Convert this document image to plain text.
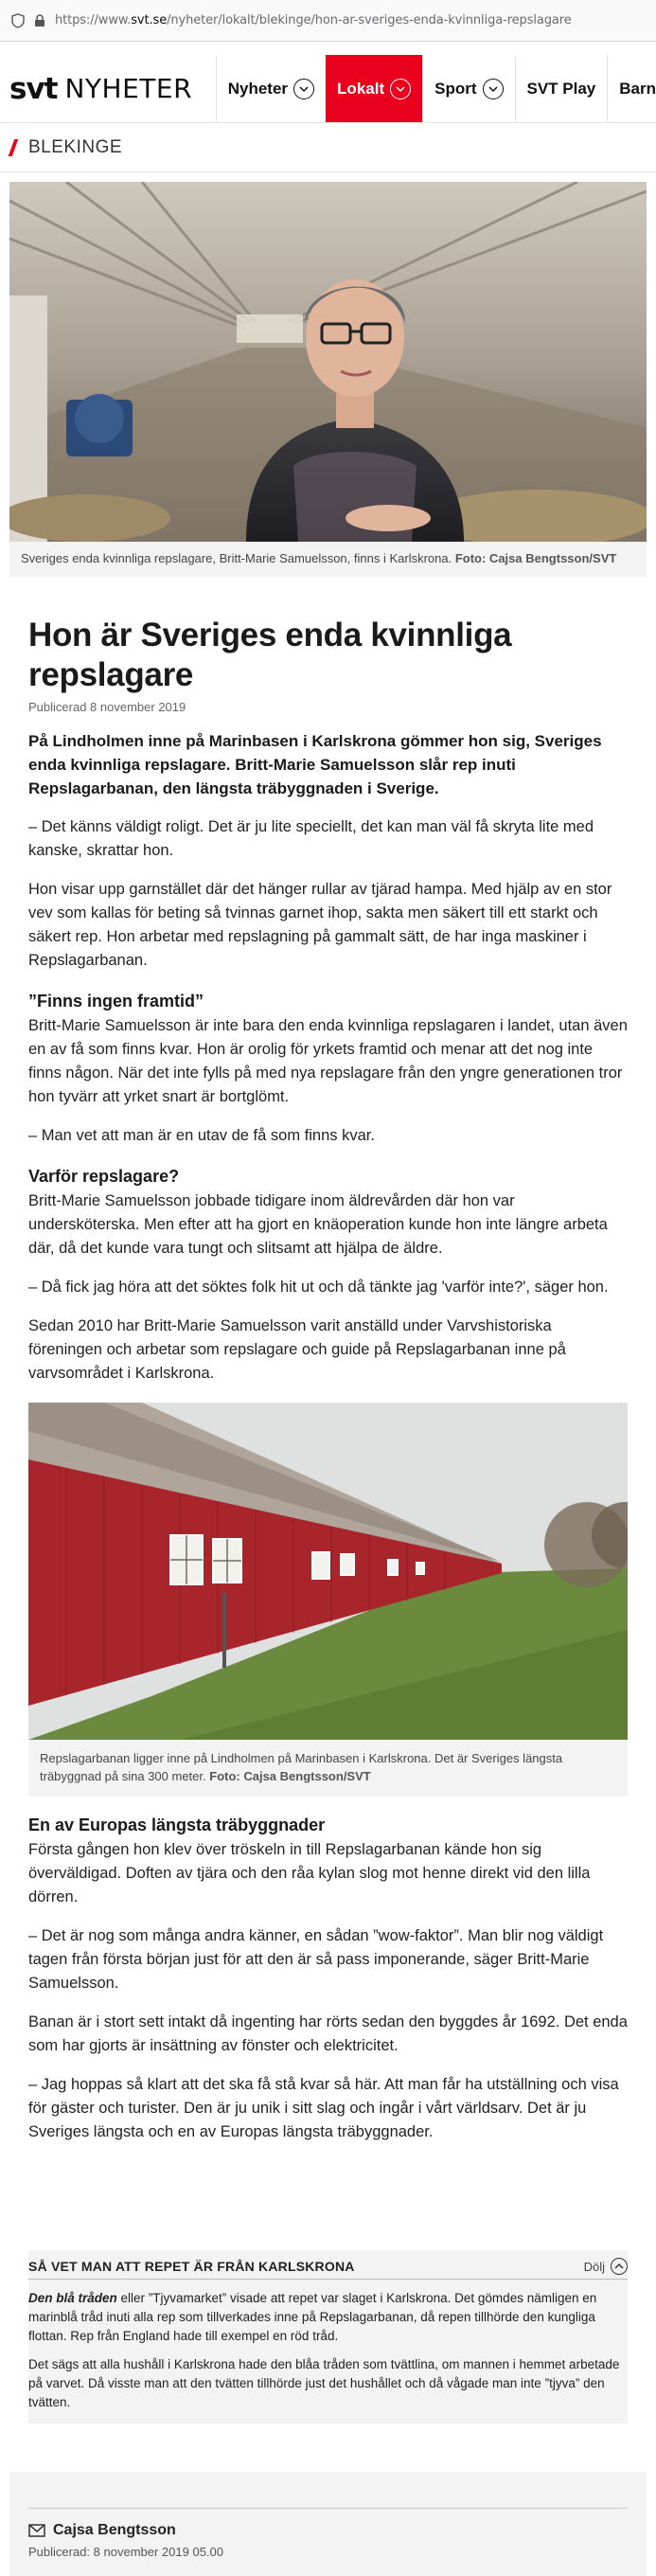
https://www.svt.se/nyheter/lokalt/blekinge/hon-ar-sveriges-enda-kvinnliga-repslagare
svt NYHETER Nyheter	Lokalt	Sport	SVT Play Barn
BLEKINGE
Sveriges enda kvinnliga repslagare, Britt-Marie Samuelsson, finns i Karlskrona. Foto: Cajsa Bengtsson/SVT
Hon är Sveriges enda kvinnliga repslagare
Publicerad 8 november 2019

På Lindholmen inne på Marinbasen i Karlskrona gömmer hon sig, Sveriges enda kvinnliga repslagare. Britt-Marie Samuelsson slår rep inuti Repslagarbanan, den längsta träbyggnaden i Sverige.

– Det känns väldigt roligt. Det är ju lite speciellt, det kan man väl få skryta lite med kanske, skrattar hon.

Hon visar upp garnstället där det hänger rullar av tjärad hampa. Med hjälp av en stor vev som kallas för beting så tvinnas garnet ihop, sakta men säkert till ett starkt och säkert rep. Hon arbetar med repslagning på gammalt sätt, de har inga maskiner i Repslagarbanan.

”Finns ingen framtid”

Britt-Marie Samuelsson är inte bara den enda kvinnliga repslagaren i landet, utan även en av få som finns kvar. Hon är orolig för yrkets framtid och menar att det nog inte finns någon. När det inte fylls på med nya repslagare från den yngre generationen tror hon tyvärr att yrket snart är bortglömt.

– Man vet att man är en utav de få som finns kvar.

Varför repslagare?

Britt-Marie Samuelsson jobbade tidigare inom äldrevården där hon var undersköterska. Men efter att ha gjort en knäoperation kunde hon inte längre arbeta där, då det kunde vara tungt och slitsamt att hjälpa de äldre.

– Då fick jag höra att det söktes folk hit ut och då tänkte jag 'varför inte?', säger hon.

Sedan 2010 har Britt-Marie Samuelsson varit anställd under Varvshistoriska föreningen och arbetar som repslagare och guide på Repslagarbanan inne på varvsområdet i Karlskrona.

Repslagarbanan ligger inne på Lindholmen på Marinbasen i Karlskrona. Det är Sveriges längsta träbyggnad på sina 300 meter. Foto: Cajsa Bengtsson/SVT
En av Europas längsta träbyggnader

Första gången hon klev över tröskeln in till Repslagarbanan kände hon sig överväldigad. Doften av tjära och den råa kylan slog mot henne direkt vid den lilla dörren.

– Det är nog som många andra känner, en sådan ”wow-faktor”. Man blir nog väldigt tagen från första början just för att den är så pass imponerande, säger Britt-Marie Samuelsson.

Banan är i stort sett intakt då ingenting har rörts sedan den byggdes år 1692. Det enda som har gjorts är insättning av fönster och elektricitet.

– Jag hoppas så klart att det ska få stå kvar så här. Att man får ha utställning och visa för gäster och turister. Den är ju unik i sitt slag och ingår i vårt världsarv. Det är ju Sveriges längsta och en av Europas längsta träbyggnader.

SÅ VET MAN ATT REPET ÄR FRÅN KARLSKRONA	Dölj

Den blå tråden eller ”Tjyvamarket” visade att repet var slaget i Karlskrona. Det gömdes nämligen en marinblå tråd inuti alla rep som tillverkades inne på Repslagarbanan, då repen tillhörde den kungliga flottan. Rep från England hade till exempel en röd tråd.

Det sägs att alla hushåll i Karlskrona hade den blåa tråden som tvättlina, om mannen i hemmet arbetade på varvet. Då visste man att den tvätten tillhörde just det hushållet och då vågade man inte ”tjyva” den tvätten.

Cajsa Bengtsson
Publicerad: 8 november 2019 05.00
